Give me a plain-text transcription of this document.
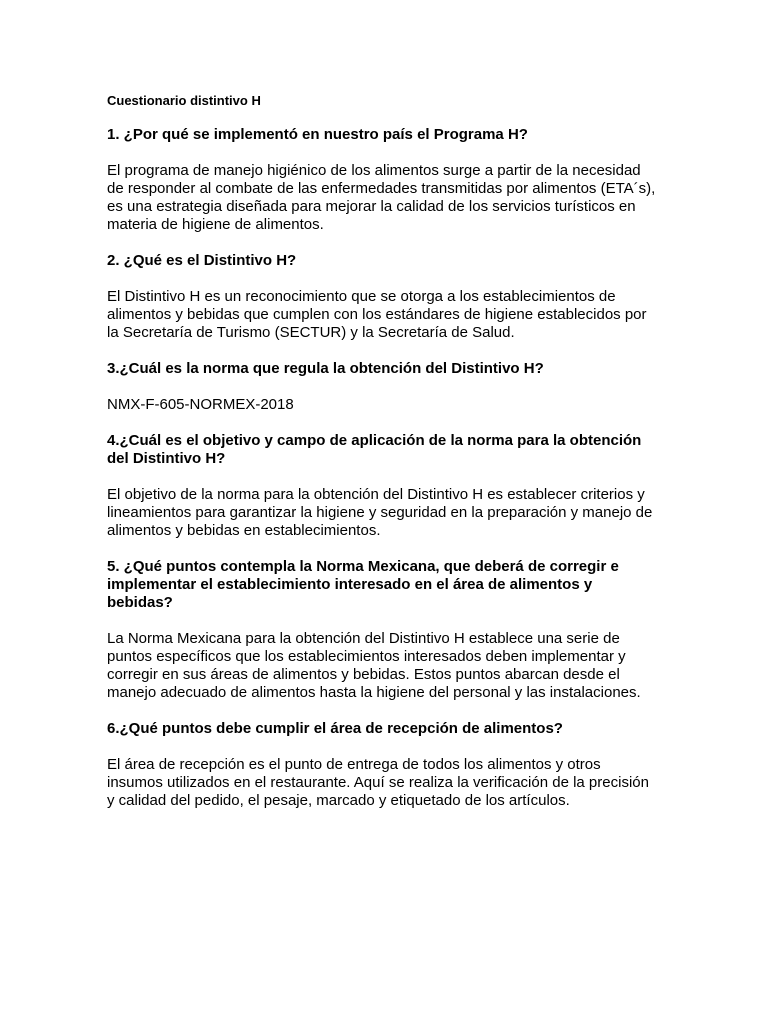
Cuestionario distintivo H
1. ¿Por qué se implementó en nuestro país el Programa H?
El programa de manejo higiénico de los alimentos surge a partir de la necesidad
de responder al combate de las enfermedades transmitidas por alimentos (ETA´s),
es una estrategia diseñada para mejorar la calidad de los servicios turísticos en
materia de higiene de alimentos.
2. ¿Qué es el Distintivo H?
El Distintivo H es un reconocimiento que se otorga a los establecimientos de
alimentos y bebidas que cumplen con los estándares de higiene establecidos por
la Secretaría de Turismo (SECTUR) y la Secretaría de Salud.
3.¿Cuál es la norma que regula la obtención del Distintivo H?
NMX-F-605-NORMEX-2018
4.¿Cuál es el objetivo y campo de aplicación de la norma para la obtención
del Distintivo H?
El objetivo de la norma para la obtención del Distintivo H es establecer criterios y
lineamientos para garantizar la higiene y seguridad en la preparación y manejo de
alimentos y bebidas en establecimientos.
5. ¿Qué puntos contempla la Norma Mexicana, que deberá de corregir e
implementar el establecimiento interesado en el área de alimentos y
bebidas?
La Norma Mexicana para la obtención del Distintivo H establece una serie de
puntos específicos que los establecimientos interesados deben implementar y
corregir en sus áreas de alimentos y bebidas. Estos puntos abarcan desde el
manejo adecuado de alimentos hasta la higiene del personal y las instalaciones.
6.¿Qué puntos debe cumplir el área de recepción de alimentos?
El área de recepción es el punto de entrega de todos los alimentos y otros
insumos utilizados en el restaurante. Aquí se realiza la verificación de la precisión
y calidad del pedido, el pesaje, marcado y etiquetado de los artículos.
